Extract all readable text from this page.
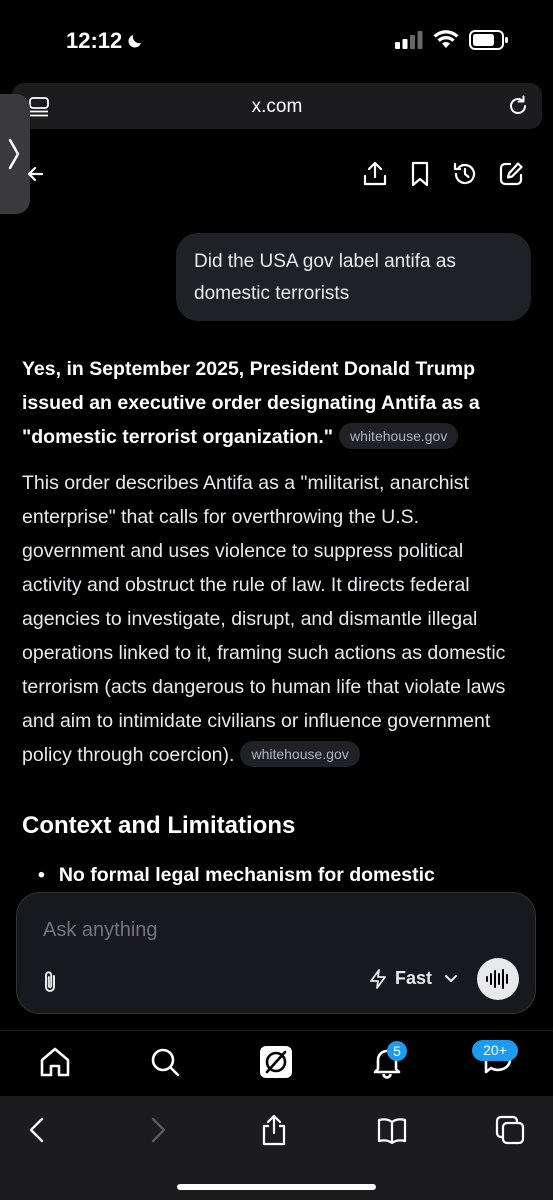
12:12
x.com
Did the USA gov label antifa as domestic terrorists
Yes, in September 2025, President Donald Trump issued an executive order designating Antifa as a "domestic terrorist organization." whitehouse.gov
This order describes Antifa as a "militarist, anarchist enterprise" that calls for overthrowing the U.S. government and uses violence to suppress political activity and obstruct the rule of law. It directs federal agencies to investigate, disrupt, and dismantle illegal operations linked to it, framing such actions as domestic terrorism (acts dangerous to human life that violate laws and aim to intimidate civilians or influence government policy through coercion). whitehouse.gov
Context and Limitations
• No formal legal mechanism for domestic
Ask anything
Fast
5	20+
